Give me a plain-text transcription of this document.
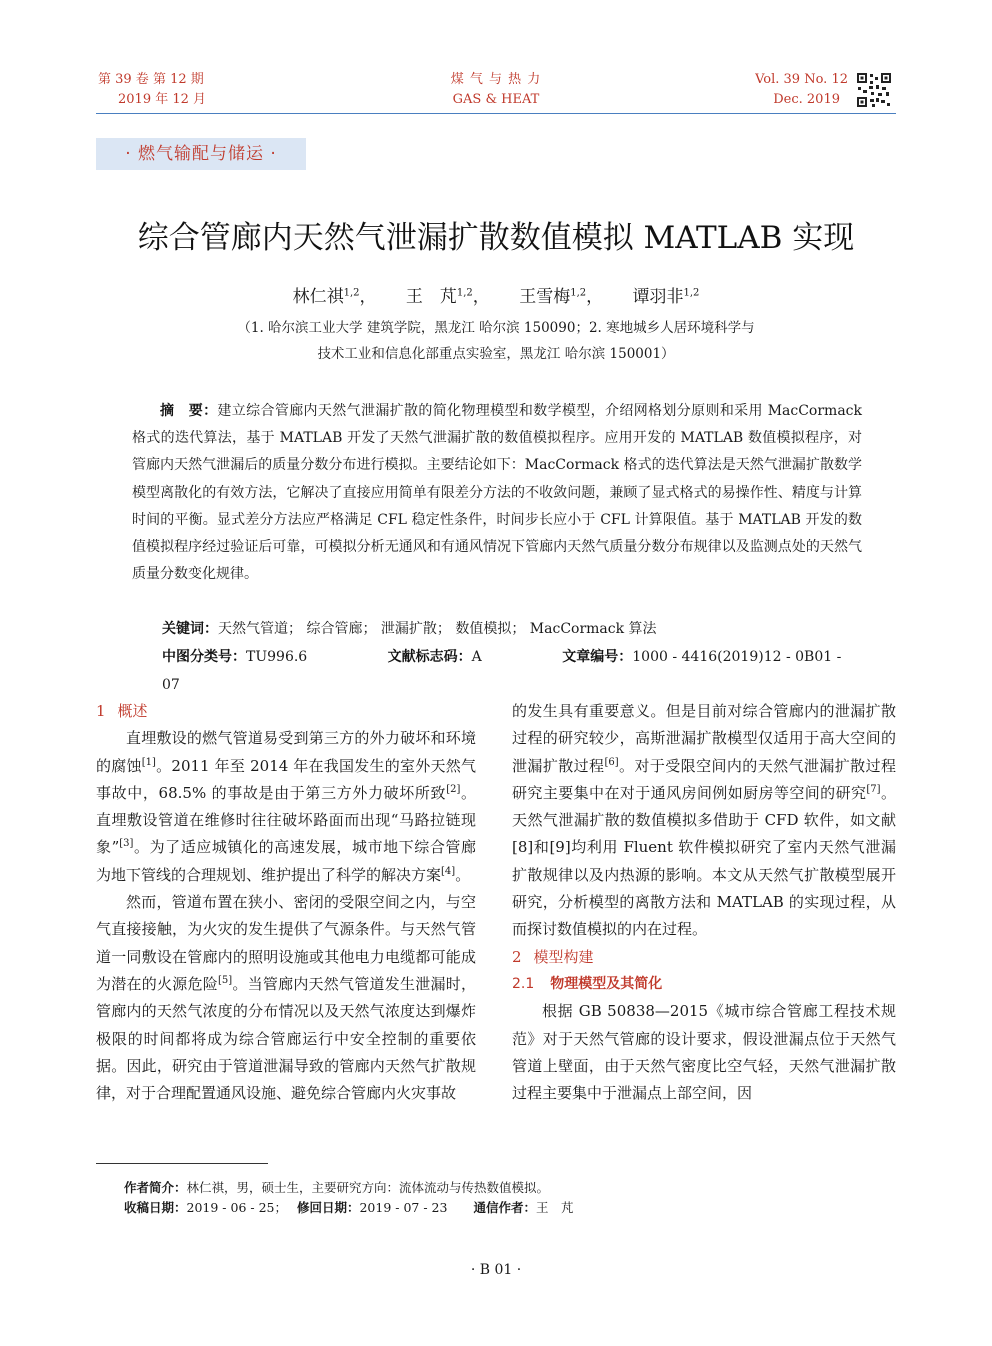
第 39 卷 第 12 期
2019 年 12 月
煤 气 与 热 力
GAS & HEAT
Vol. 39 No. 12
Dec. 2019
· 燃气输配与储运 ·
综合管廊内天然气泄漏扩散数值模拟 MATLAB 实现
林仁祺$^{1,2}$， 王　芃$^{1,2}$， 王雪梅$^{1,2}$， 谭羽非$^{1,2}$
（1. 哈尔滨工业大学 建筑学院，黑龙江 哈尔滨 150090；2. 寒地城乡人居环境科学与
技术工业和信息化部重点实验室，黑龙江 哈尔滨 150001）
摘　要：建立综合管廊内天然气泄漏扩散的简化物理模型和数学模型，介绍网格划分原则和采用 MacCormack 格式的迭代算法，基于 MATLAB 开发了天然气泄漏扩散的数值模拟程序。应用开发的 MATLAB 数值模拟程序，对管廊内天然气泄漏后的质量分数分布进行模拟。主要结论如下：MacCormack 格式的迭代算法是天然气泄漏扩散数学模型离散化的有效方法，它解决了直接应用简单有限差分方法的不收敛问题，兼顾了显式格式的易操作性、精度与计算时间的平衡。显式差分方法应严格满足 CFL 稳定性条件，时间步长应小于 CFL 计算限值。基于 MATLAB 开发的数值模拟程序经过验证后可靠，可模拟分析无通风和有通风情况下管廊内天然气质量分数分布规律以及监测点处的天然气质量分数变化规律。
关键词：天然气管道； 综合管廊； 泄漏扩散； 数值模拟； MacCormack 算法
中图分类号：TU996.6	文献标志码：A	文章编号：1000 - 4416(2019)12 - 0B01 - 07

1 概述

直埋敷设的燃气管道易受到第三方的外力破坏和环境的腐蚀[1]。2011 年至 2014 年在我国发生的室外天然气事故中，68.5% 的事故是由于第三方外力破坏所致[2]。直埋敷设管道在维修时往往破坏路面而出现“马路拉链现象”[3]。为了适应城镇化的高速发展，城市地下综合管廊为地下管线的合理规划、维护提出了科学的解决方案[4]。

然而，管道布置在狭小、密闭的受限空间之内，与空气直接接触，为火灾的发生提供了气源条件。与天然气管道一同敷设在管廊内的照明设施或其他电力电缆都可能成为潜在的火源危险[5]。当管廊内天然气管道发生泄漏时，管廊内的天然气浓度的分布情况以及天然气浓度达到爆炸极限的时间都将成为综合管廊运行中安全控制的重要依据。因此，研究由于管道泄漏导致的管廊内天然气扩散规律，对于合理配置通风设施、避免综合管廊内火灾事故

的发生具有重要意义。但是目前对综合管廊内的泄漏扩散过程的研究较少，高斯泄漏扩散模型仅适用于高大空间的泄漏扩散过程[6]。对于受限空间内的天然气泄漏扩散过程研究主要集中在对于通风房间例如厨房等空间的研究[7]。天然气泄漏扩散的数值模拟多借助于 CFD 软件，如文献[8]和[9]均利用 Fluent 软件模拟研究了室内天然气泄漏扩散规律以及内热源的影响。本文从天然气扩散模型展开研究，分析模型的离散方法和 MATLAB 的实现过程，从而探讨数值模拟的内在过程。

2 模型构建

2.1 物理模型及其简化

根据 GB 50838—2015《城市综合管廊工程技术规范》对于天然气管廊的设计要求，假设泄漏点位于天然气管道上壁面，由于天然气密度比空气轻，天然气泄漏扩散过程主要集中于泄漏点上部空间，因

作者简介：林仁祺，男，硕士生，主要研究方向：流体流动与传热数值模拟。
收稿日期：2019 - 06 - 25； 修回日期：2019 - 07 - 23 通信作者：王　芃
· B 01 ·
